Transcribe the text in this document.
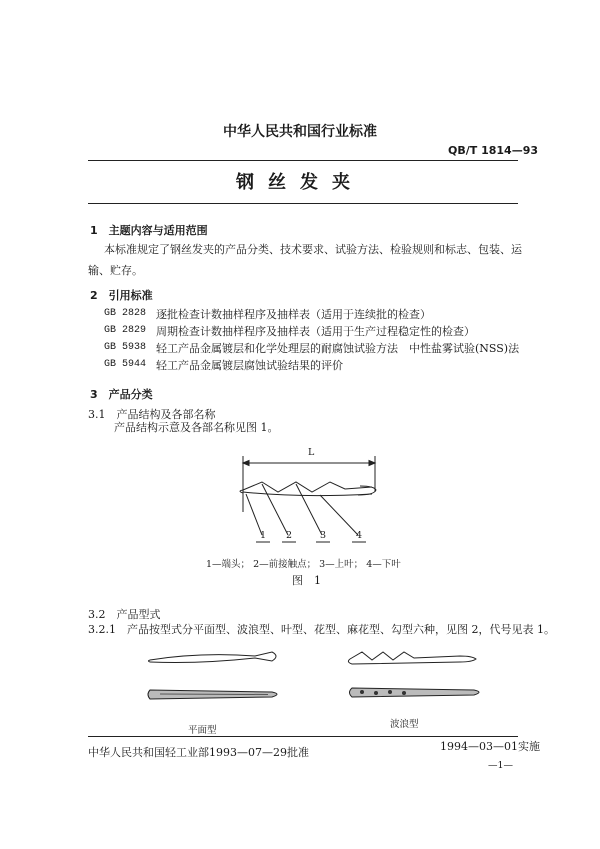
中华人民共和国行业标准
QB/T 1814—93
钢丝发夹
1　主题内容与适用范围
本标准规定了钢丝发夹的产品分类、技术要求、试验方法、检验规则和标志、包装、运
输、贮存。
2　引用标准
GB 2828 逐批检查计数抽样程序及抽样表（适用于连续批的检查）
GB 2829 周期检查计数抽样程序及抽样表（适用于生产过程稳定性的检查）
GB 5938 轻工产品金属镀层和化学处理层的耐腐蚀试验方法　中性盐雾试验(NSS)法
GB 5944 轻工产品金属镀层腐蚀试验结果的评价
3　产品分类
3.1　产品结构及各部名称
产品结构示意及各部名称见图 1。
L
1 2	3	4
1—端头； 2—前接触点； 3—上叶； 4—下叶
图　1
3.2　产品型式
3.2.1　产品按型式分平面型、波浪型、叶型、花型、麻花型、勾型六种，见图 2，代号见表 1。
平面型
波浪型
中华人民共和国轻工业部1993—07—29批准	1994—03—01实施
—1—
